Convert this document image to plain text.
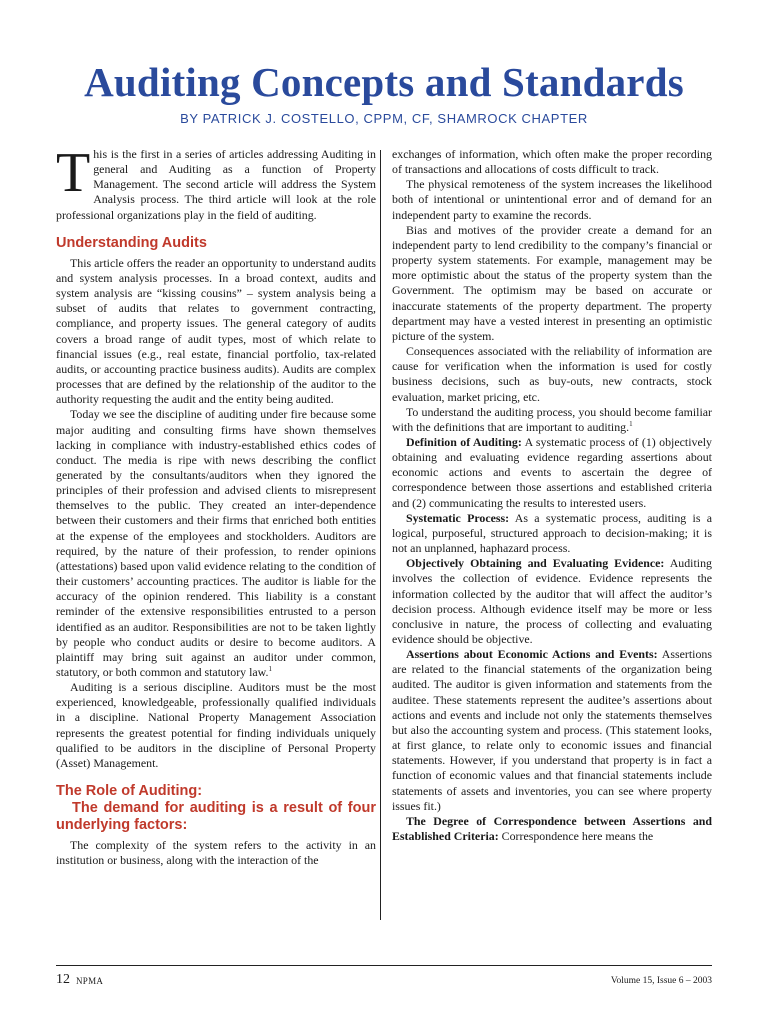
Auditing Concepts and Standards
BY PATRICK J. COSTELLO, CPPM, CF, SHAMROCK CHAPTER

This is the first in a series of articles addressing Auditing in general and Auditing as a function of Property Management. The second article will address the System Analysis process. The third article will look at the role professional organizations play in the field of auditing.

Understanding Audits

This article offers the reader an opportunity to understand audits and system analysis processes. In a broad context, audits and system analysis are “kissing cousins” – system analysis being a subset of audits that relates to government contracting, compliance, and property issues. The general category of audits covers a broad range of audit types, most of which relate to financial issues (e.g., real estate, financial portfolio, tax-related audits, or accounting practice business audits). Audits are complex processes that are defined by the relationship of the auditor to the authority requesting the audit and the entity being audited.

Today we see the discipline of auditing under fire because some major auditing and consulting firms have shown themselves lacking in compliance with industry-established ethics codes of conduct. The media is ripe with news describing the conflict generated by the consultants/auditors when they ignored the principles of their profession and advised clients to misrepresent themselves to the public. They created an inter-dependence between their customers and their firms that enriched both entities at the expense of the employees and stockholders. Auditors are required, by the nature of their profession, to render opinions (attestations) based upon valid evidence relating to the condition of their customers’ accounting practices. The auditor is liable for the accuracy of the opinion rendered. This liability is a constant reminder of the extensive responsibilities entrusted to a person identified as an auditor. Responsibilities are not to be taken lightly by people who conduct audits or desire to become auditors. A plaintiff may bring suit against an auditor under common, statutory, or both common and statutory law.$^1$

Auditing is a serious discipline. Auditors must be the most experienced, knowledgeable, professionally qualified individuals in a discipline. National Property Management Association represents the greatest potential for finding individuals uniquely qualified to be auditors in the discipline of Personal Property (Asset) Management.

The Role of Auditing:
The demand for auditing is a result of four underlying factors:

The complexity of the system refers to the activity in an institution or business, along with the interaction of the

exchanges of information, which often make the proper recording of transactions and allocations of costs difficult to track.

The physical remoteness of the system increases the likelihood both of intentional or unintentional error and of demand for an independent party to examine the records.

Bias and motives of the provider create a demand for an independent party to lend credibility to the company’s financial or property system statements. For example, management may be more optimistic about the status of the property system than the Government. The optimism may be based on accurate or inaccurate statements of the property department. The property department may have a vested interest in presenting an optimistic picture of the system.

Consequences associated with the reliability of information are cause for verification when the information is used for costly business decisions, such as buy-outs, new contracts, stock evaluation, market pricing, etc.

To understand the auditing process, you should become familiar with the definitions that are important to auditing.$^1$

Definition of Auditing: A systematic process of (1) objectively obtaining and evaluating evidence regarding assertions about economic actions and events to ascertain the degree of correspondence between those assertions and established criteria and (2) communicating the results to interested users.

Systematic Process: As a systematic process, auditing is a logical, purposeful, structured approach to decision-making; it is not an unplanned, haphazard process.

Objectively Obtaining and Evaluating Evidence: Auditing involves the collection of evidence. Evidence represents the information collected by the auditor that will affect the auditor’s decision process. Although evidence itself may be more or less conclusive in nature, the process of collecting and evaluating evidence should be objective.

Assertions about Economic Actions and Events: Assertions are related to the financial statements of the organization being audited. The auditor is given information and statements from the auditee. These statements represent the auditee’s assertions about actions and events and include not only the statements themselves but also the accounting system and process. (This statement looks, at first glance, to relate only to economic issues and financial statements. However, if you understand that property is in fact a function of economic values and that financial statements include statements of assets and inventories, you can see where property issues fit.)

The Degree of Correspondence between Assertions and Established Criteria: Correspondence here means the

12 NPMA	Volume 15, Issue 6 – 2003
